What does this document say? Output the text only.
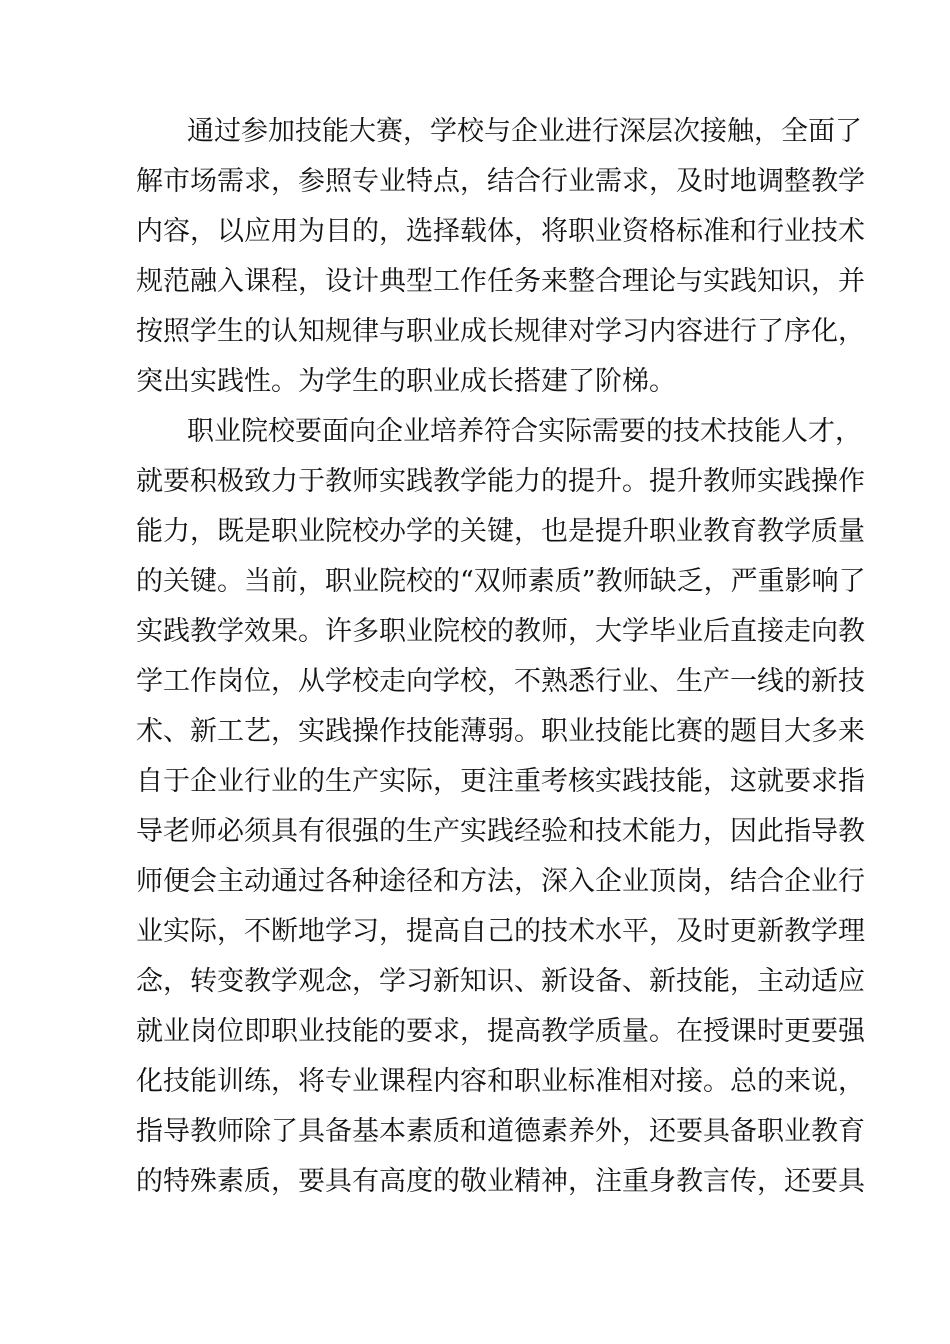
通过参加技能大赛，学校与企业进行深层次接触，全面了

解市场需求，参照专业特点，结合行业需求，及时地调整教学

内容，以应用为目的，选择载体，将职业资格标准和行业技术

规范融入课程，设计典型工作任务来整合理论与实践知识，并

按照学生的认知规律与职业成长规律对学习内容进行了序化，

突出实践性。为学生的职业成长搭建了阶梯。

职业院校要面向企业培养符合实际需要的技术技能人才，

就要积极致力于教师实践教学能力的提升。提升教师实践操作

能力，既是职业院校办学的关键，也是提升职业教育教学质量

的关键。当前，职业院校的“双师素质”教师缺乏，严重影响了

实践教学效果。许多职业院校的教师，大学毕业后直接走向教

学工作岗位，从学校走向学校，不熟悉行业、生产一线的新技

术、新工艺，实践操作技能薄弱。职业技能比赛的题目大多来

自于企业行业的生产实际，更注重考核实践技能，这就要求指

导老师必须具有很强的生产实践经验和技术能力，因此指导教

师便会主动通过各种途径和方法，深入企业顶岗，结合企业行

业实际，不断地学习，提高自己的技术水平，及时更新教学理

念，转变教学观念，学习新知识、新设备、新技能，主动适应

就业岗位即职业技能的要求，提高教学质量。在授课时更要强

化技能训练，将专业课程内容和职业标准相对接。总的来说，

指导教师除了具备基本素质和道德素养外，还要具备职业教育

的特殊素质，要具有高度的敬业精神，注重身教言传，还要具
